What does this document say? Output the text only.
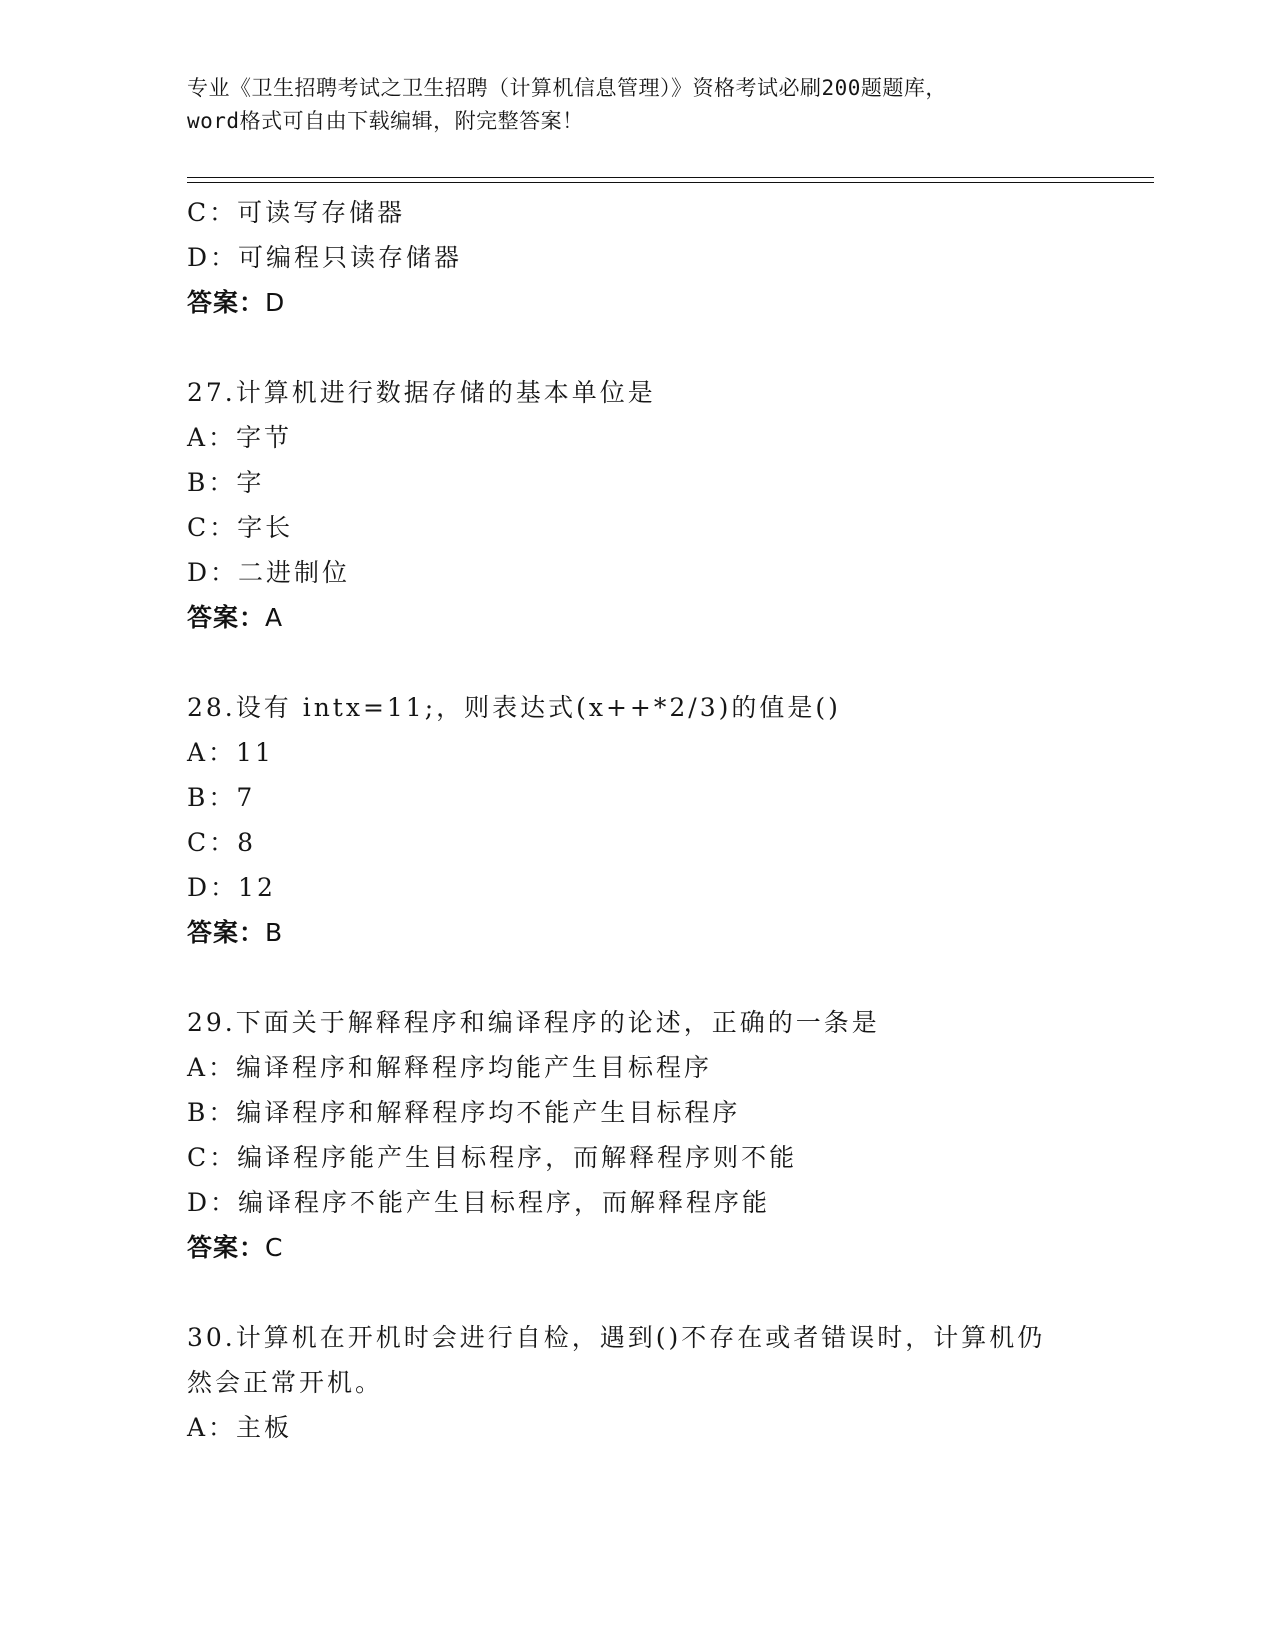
专业《卫生招聘考试之卫生招聘（计算机信息管理）》资格考试必刷200题题库，
word格式可自由下载编辑，附完整答案！
C：可读写存储器
D：可编程只读存储器
答案：D
27.计算机进行数据存储的基本单位是
A：字节
B：字
C：字长
D：二进制位
答案：A
28.设有 intx=11;，则表达式(x++*2/3)的值是()
A：11
B：7
C：8
D：12
答案：B
29.下面关于解释程序和编译程序的论述，正确的一条是
A：编译程序和解释程序均能产生目标程序
B：编译程序和解释程序均不能产生目标程序
C：编译程序能产生目标程序，而解释程序则不能
D：编译程序不能产生目标程序，而解释程序能
答案：C
30.计算机在开机时会进行自检，遇到()不存在或者错误时，计算机仍
然会正常开机。
A：主板
